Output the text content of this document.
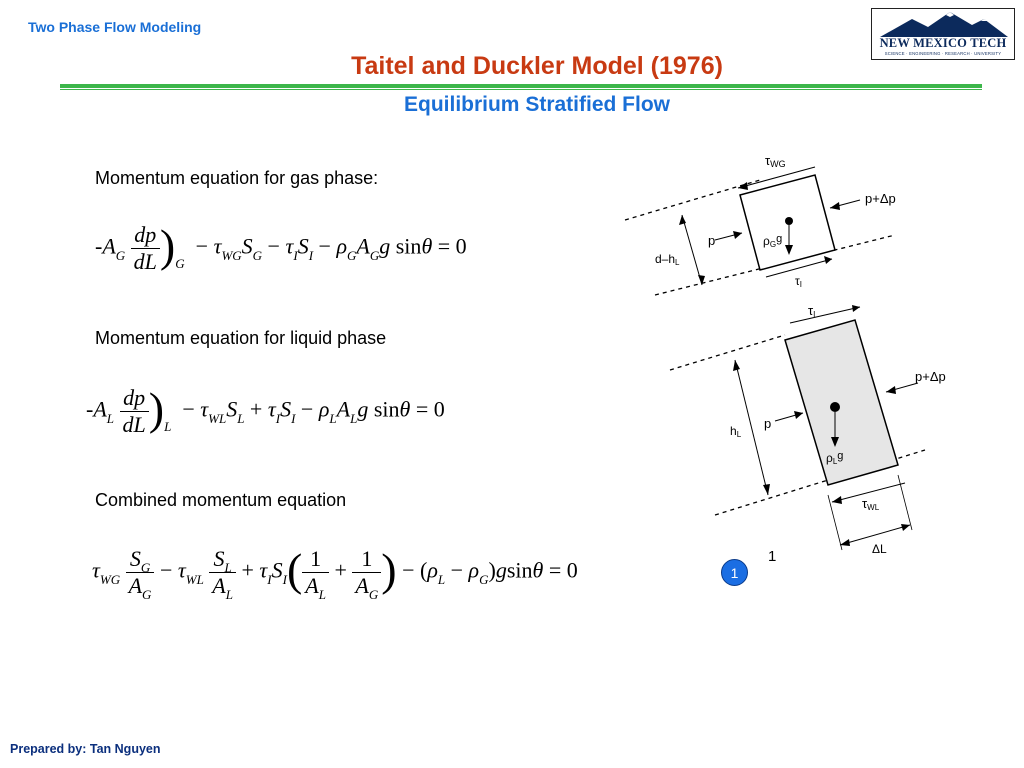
Two Phase Flow Modeling
Taitel and Duckler Model (1976)
Equilibrium Stratified Flow
NEW MEXICO TECH
SCIENCE · ENGINEERING · RESEARCH · UNIVERSITY
Momentum equation for gas phase:
Momentum equation for liquid phase
Combined momentum equation
$-A_G \frac{dp}{dL} )_G - \tau_{WG}S_G - \tau_IS_I - \rho_GA_Gg$ sinθ = 0
$-A_L \frac{dp}{dL} )_L - \tau_{WL}S_L + \tau_IS_I - \rho_LA_Lg$ sinθ = 0
$\tau_{WG} \frac{S_G}{A_G} - \tau_{WL} \frac{S_L}{A_L} + \tau_IS_I( \frac{1}{A_L} + \frac{1}{A_G}$ ) − $(\rho_L - \rho_G)gsin\theta = 0$
1
1
τWG
p+Δp
p
d–hL
ρGg
τI
τI
p+Δp
p
hL
ρLg
τWL
ΔL
Prepared by: Tan Nguyen
